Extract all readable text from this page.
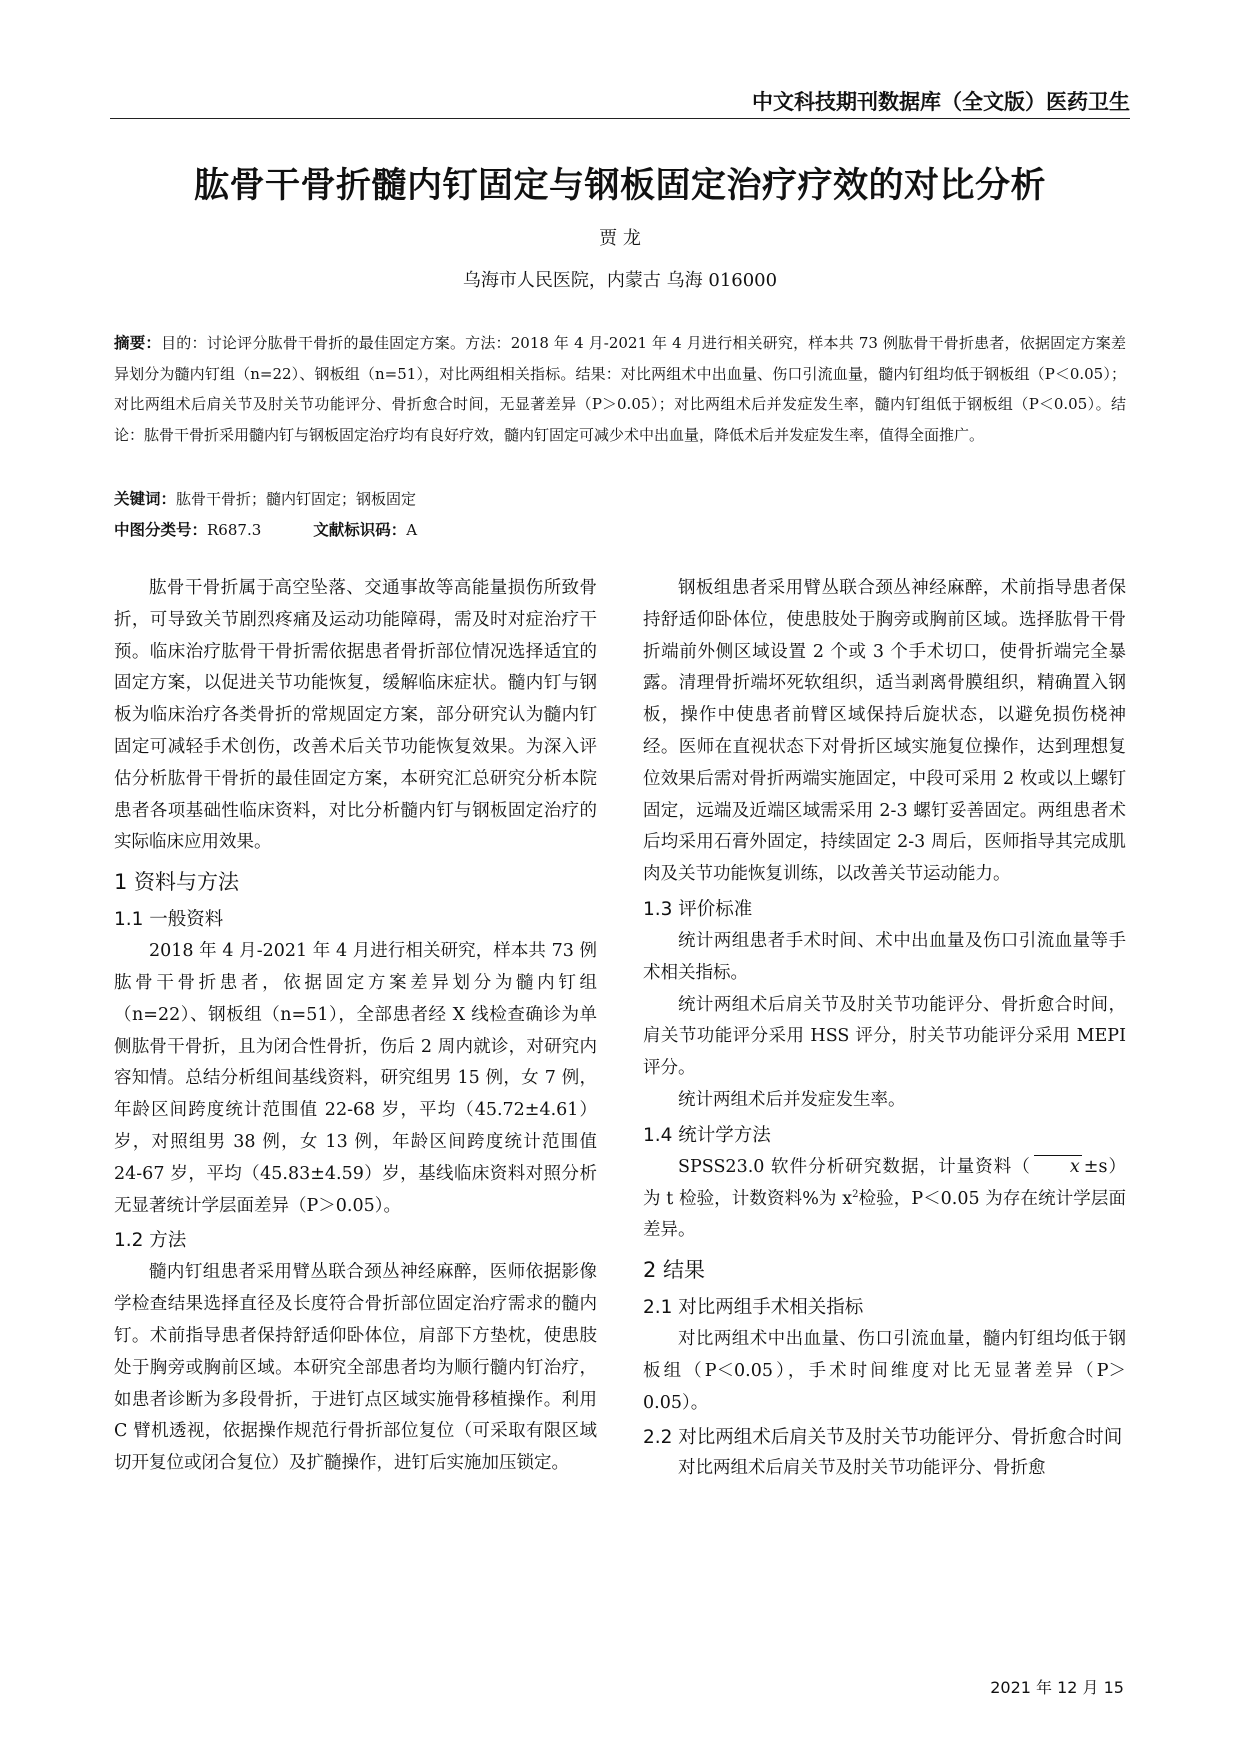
中文科技期刊数据库（全文版）医药卫生
肱骨干骨折髓内钉固定与钢板固定治疗疗效的对比分析
贾 龙
乌海市人民医院，内蒙古 乌海 016000
摘要：目的：讨论评分肱骨干骨折的最佳固定方案。方法：2018 年 4 月-2021 年 4 月进行相关研究，样本共 73 例肱骨干骨折患者，依据固定方案差异划分为髓内钉组（n=22）、钢板组（n=51），对比两组相关指标。结果：对比两组术中出血量、伤口引流血量，髓内钉组均低于钢板组（P＜0.05）；对比两组术后肩关节及肘关节功能评分、骨折愈合时间，无显著差异（P＞0.05）；对比两组术后并发症发生率，髓内钉组低于钢板组（P＜0.05）。结论：肱骨干骨折采用髓内钉与钢板固定治疗均有良好疗效，髓内钉固定可减少术中出血量，降低术后并发症发生率，值得全面推广。
关键词：肱骨干骨折；髓内钉固定；钢板固定
中图分类号：R687.3	文献标识码：A

肱骨干骨折属于高空坠落、交通事故等高能量损伤所致骨折，可导致关节剧烈疼痛及运动功能障碍，需及时对症治疗干预。临床治疗肱骨干骨折需依据患者骨折部位情况选择适宜的固定方案，以促进关节功能恢复，缓解临床症状。髓内钉与钢板为临床治疗各类骨折的常规固定方案，部分研究认为髓内钉固定可减轻手术创伤，改善术后关节功能恢复效果。为深入评估分析肱骨干骨折的最佳固定方案，本研究汇总研究分析本院患者各项基础性临床资料，对比分析髓内钉与钢板固定治疗的实际临床应用效果。

1 资料与方法
1.1 一般资料

2018 年 4 月-2021 年 4 月进行相关研究，样本共 73 例肱骨干骨折患者，依据固定方案差异划分为髓内钉组（n=22）、钢板组（n=51），全部患者经 X 线检查确诊为单侧肱骨干骨折，且为闭合性骨折，伤后 2 周内就诊，对研究内容知情。总结分析组间基线资料，研究组男 15 例，女 7 例，年龄区间跨度统计范围值 22-68 岁，平均（45.72±4.61）岁，对照组男 38 例，女 13 例，年龄区间跨度统计范围值 24-67 岁，平均（45.83±4.59）岁，基线临床资料对照分析无显著统计学层面差异（P＞0.05）。

1.2 方法

髓内钉组患者采用臂丛联合颈丛神经麻醉，医师依据影像学检查结果选择直径及长度符合骨折部位固定治疗需求的髓内钉。术前指导患者保持舒适仰卧体位，肩部下方垫枕，使患肢处于胸旁或胸前区域。本研究全部患者均为顺行髓内钉治疗，如患者诊断为多段骨折，于进钉点区域实施骨移植操作。利用 C 臂机透视，依据操作规范行骨折部位复位（可采取有限区域切开复位或闭合复位）及扩髓操作，进钉后实施加压锁定。

钢板组患者采用臂丛联合颈丛神经麻醉，术前指导患者保持舒适仰卧体位，使患肢处于胸旁或胸前区域。选择肱骨干骨折端前外侧区域设置 2 个或 3 个手术切口，使骨折端完全暴露。清理骨折端坏死软组织，适当剥离骨膜组织，精确置入钢板，操作中使患者前臂区域保持后旋状态，以避免损伤桡神经。医师在直视状态下对骨折区域实施复位操作，达到理想复位效果后需对骨折两端实施固定，中段可采用 2 枚或以上螺钉固定，远端及近端区域需采用 2-3 螺钉妥善固定。两组患者术后均采用石膏外固定，持续固定 2-3 周后，医师指导其完成肌肉及关节功能恢复训练，以改善关节运动能力。

1.3 评价标准

统计两组患者手术时间、术中出血量及伤口引流血量等手术相关指标。

统计两组术后肩关节及肘关节功能评分、骨折愈合时间，肩关节功能评分采用 HSS 评分，肘关节功能评分采用 MEPI 评分。

统计两组术后并发症发生率。

1.4 统计学方法

SPSS23.0 软件分析研究数据，计量资料（ x ±s）为 t 检验，计数资料%为 $x^2$检验，P＜0.05 为存在统计学层面差异。

2 结果
2.1 对比两组手术相关指标

对比两组术中出血量、伤口引流血量，髓内钉组均低于钢板组（P＜0.05），手术时间维度对比无显著差异（P＞0.05）。

2.2 对比两组术后肩关节及肘关节功能评分、骨折愈合时间

对比两组术后肩关节及肘关节功能评分、骨折愈

2021 年 12 月 15
